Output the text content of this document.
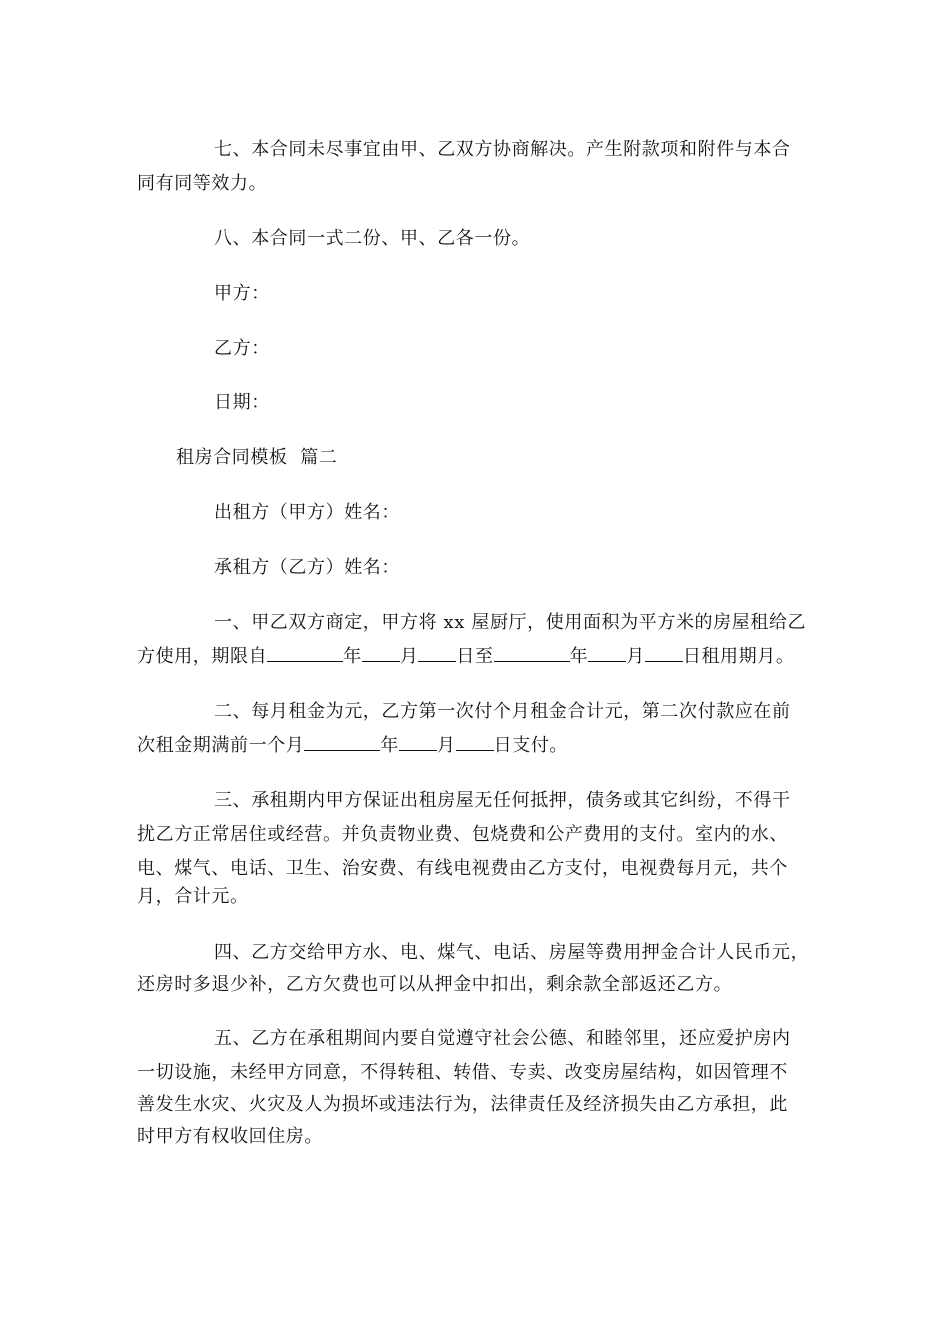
七、本合同未尽事宜由甲、乙双方协商解决。产生附款项和附件与本合
同有同等效力。
八、本合同一式二份、甲、乙各一份。
甲方：
乙方：
日期：
租房合同模板  篇二
出租方（甲方）姓名：
承租方（乙方）姓名：
一、甲乙双方商定，甲方将 xx 屋厨厅，使用面积为平方米的房屋租给乙
方使用，期限自	年 月 日至	年 月 日租用期月。
二、每月租金为元，乙方第一次付个月租金合计元，第二次付款应在前
次租金期满前一个月	年 月 日支付。
三、承租期内甲方保证出租房屋无任何抵押，债务或其它纠纷，不得干
扰乙方正常居住或经营。并负责物业费、包烧费和公产费用的支付。室内的水、
电、煤气、电话、卫生、治安费、有线电视费由乙方支付，电视费每月元，共个
月，合计元。
四、乙方交给甲方水、电、煤气、电话、房屋等费用押金合计人民币元，
还房时多退少补，乙方欠费也可以从押金中扣出，剩余款全部返还乙方。
五、乙方在承租期间内要自觉遵守社会公德、和睦邻里，还应爱护房内
一切设施，未经甲方同意，不得转租、转借、专卖、改变房屋结构，如因管理不
善发生水灾、火灾及人为损坏或违法行为，法律责任及经济损失由乙方承担，此
时甲方有权收回住房。
